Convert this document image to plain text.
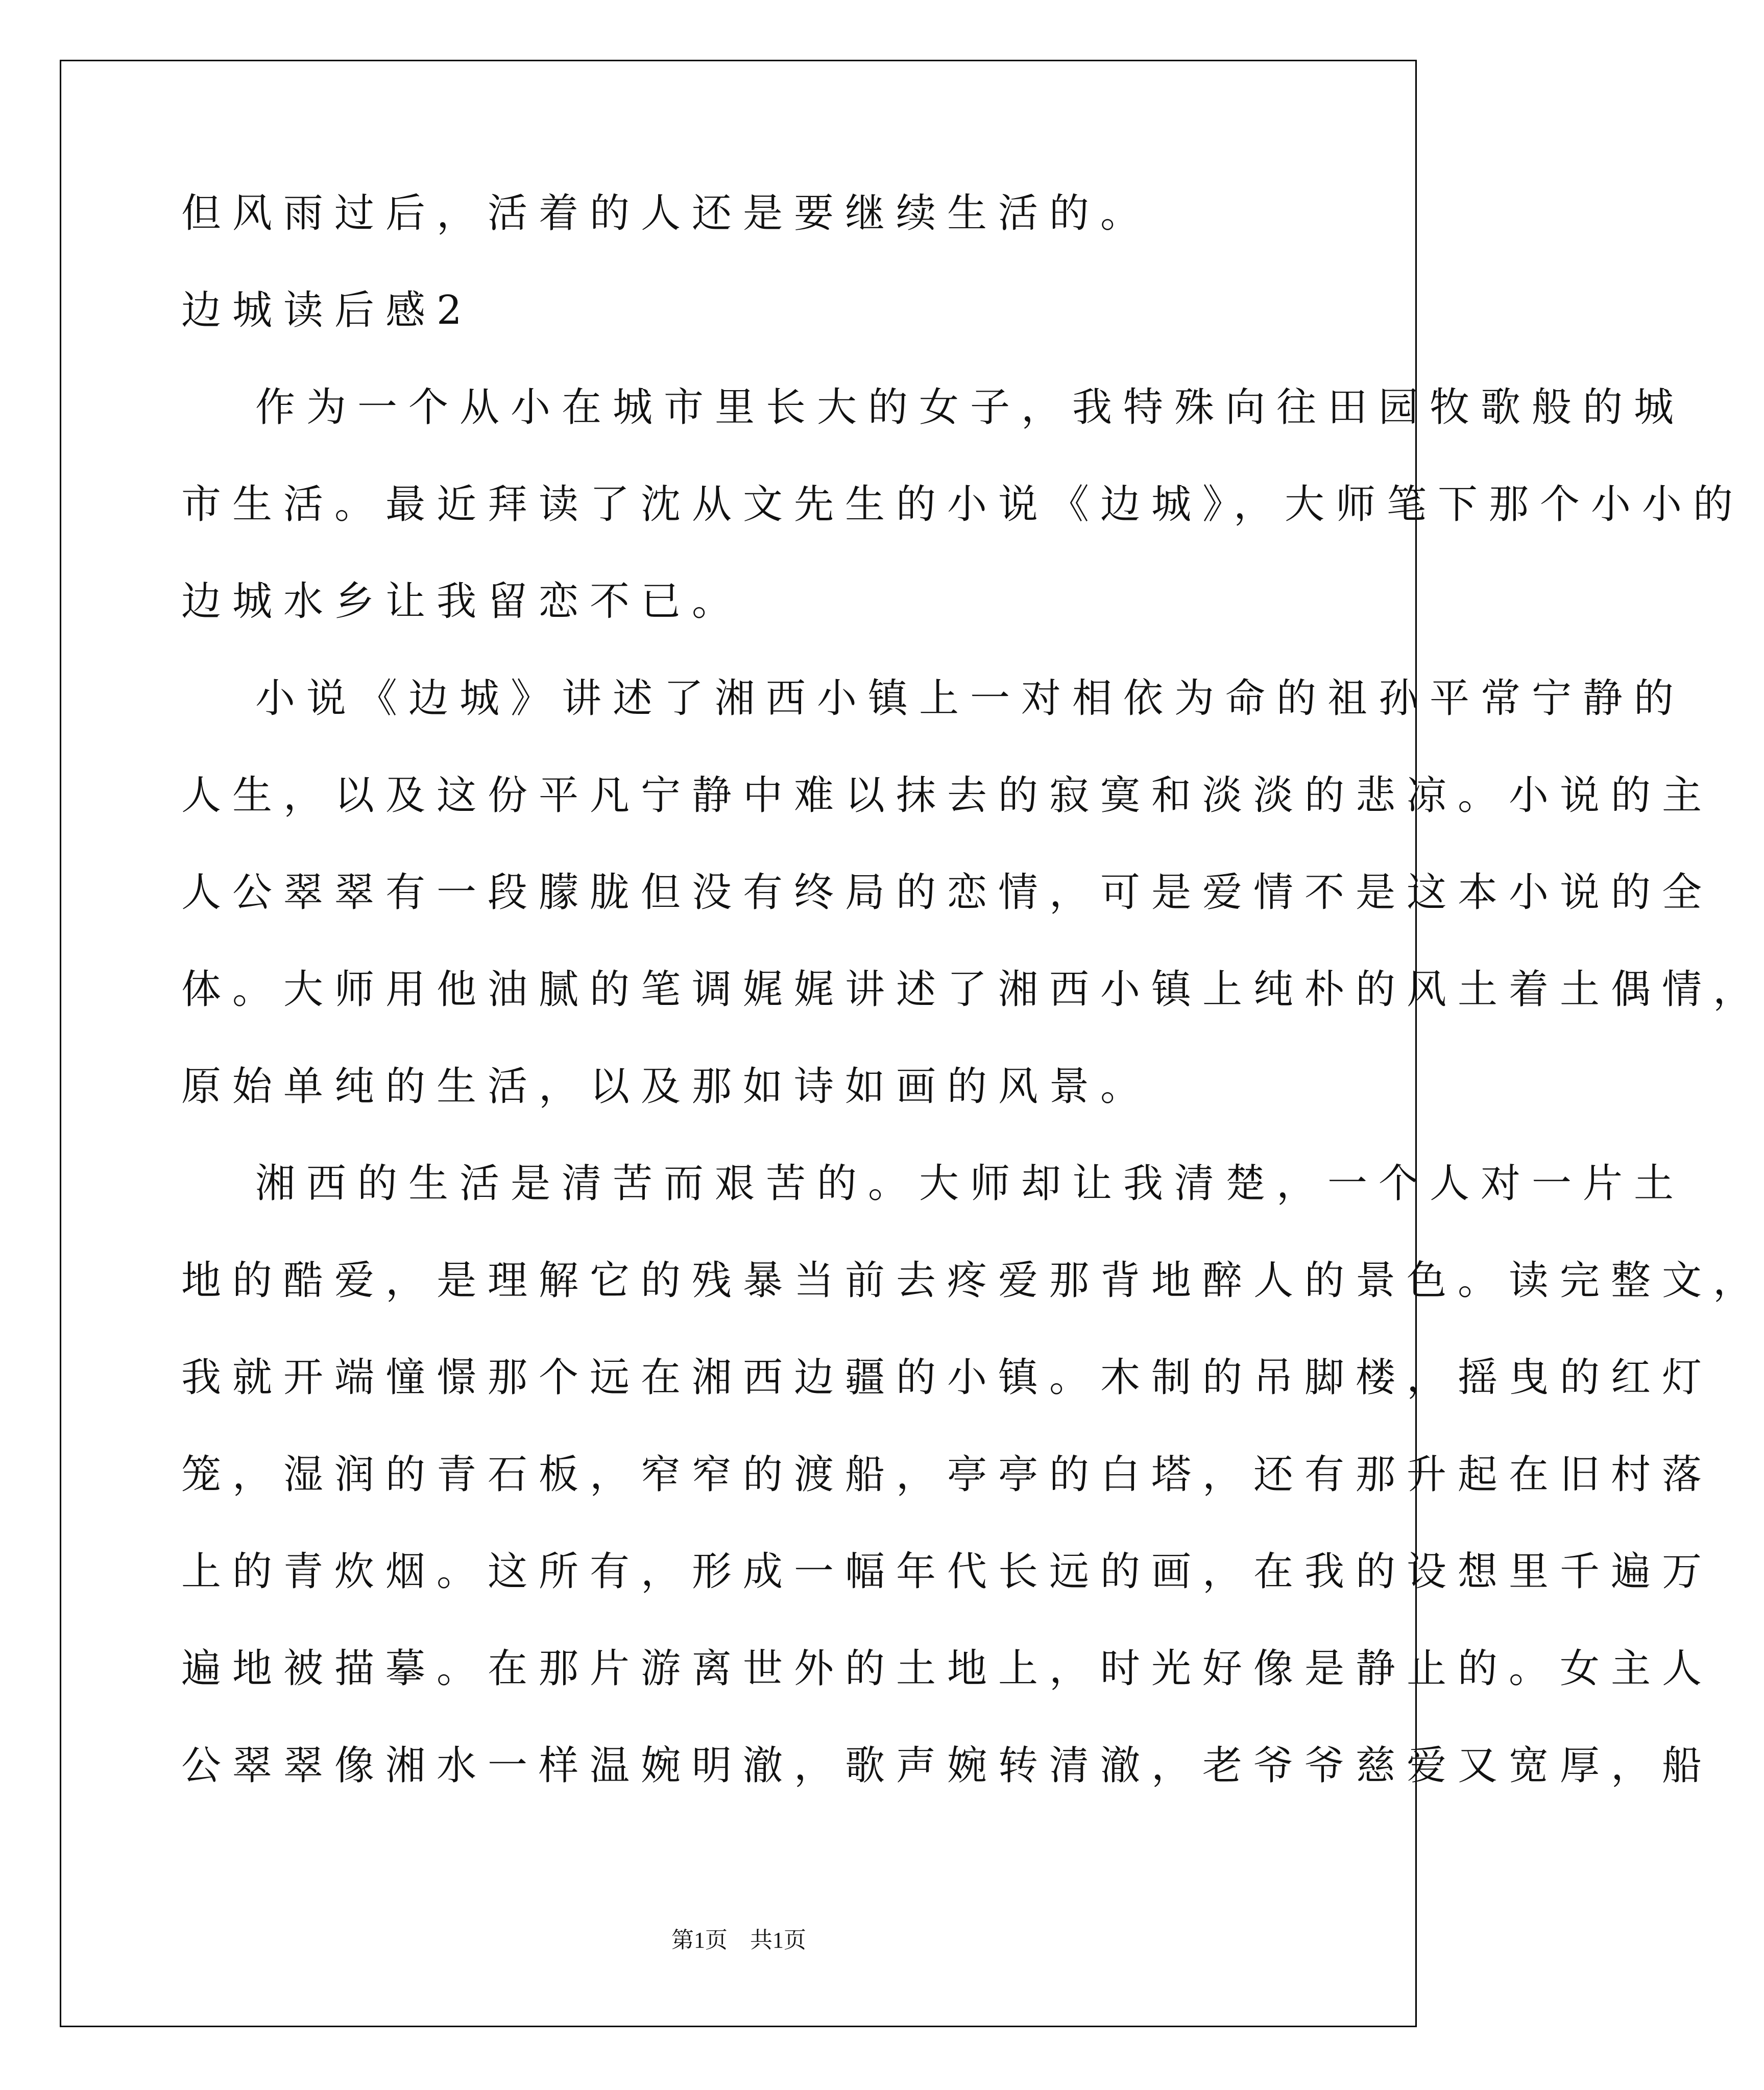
但风雨过后，活着的人还是要继续生活的。
边城读后感2
作为一个从小在城市里长大的女子，我特殊向往田园牧歌般的城
市生活。最近拜读了沈从文先生的小说《边城》，大师笔下那个小小的
边城水乡让我留恋不已。
小说《边城》讲述了湘西小镇上一对相依为命的祖孙平常宁静的
人生，以及这份平凡宁静中难以抹去的寂寞和淡淡的悲凉。小说的主
人公翠翠有一段朦胧但没有终局的恋情，可是爱情不是这本小说的全
体。大师用他油腻的笔调娓娓讲述了湘西小镇上纯朴的风土着土偶情，
原始单纯的生活，以及那如诗如画的风景。
湘西的生活是清苦而艰苦的。大师却让我清楚，一个人对一片土
地的酷爱，是理解它的残暴当前去疼爱那背地醉人的景色。读完整文，
我就开端憧憬那个远在湘西边疆的小镇。木制的吊脚楼，摇曳的红灯
笼，湿润的青石板，窄窄的渡船，亭亭的白塔，还有那升起在旧村落
上的青炊烟。这所有，形成一幅年代长远的画，在我的设想里千遍万
遍地被描摹。在那片游离世外的土地上，时光好像是静止的。女主人
公翠翠像湘水一样温婉明澈，歌声婉转清澈，老爷爷慈爱又宽厚，船
第1页　共1页
